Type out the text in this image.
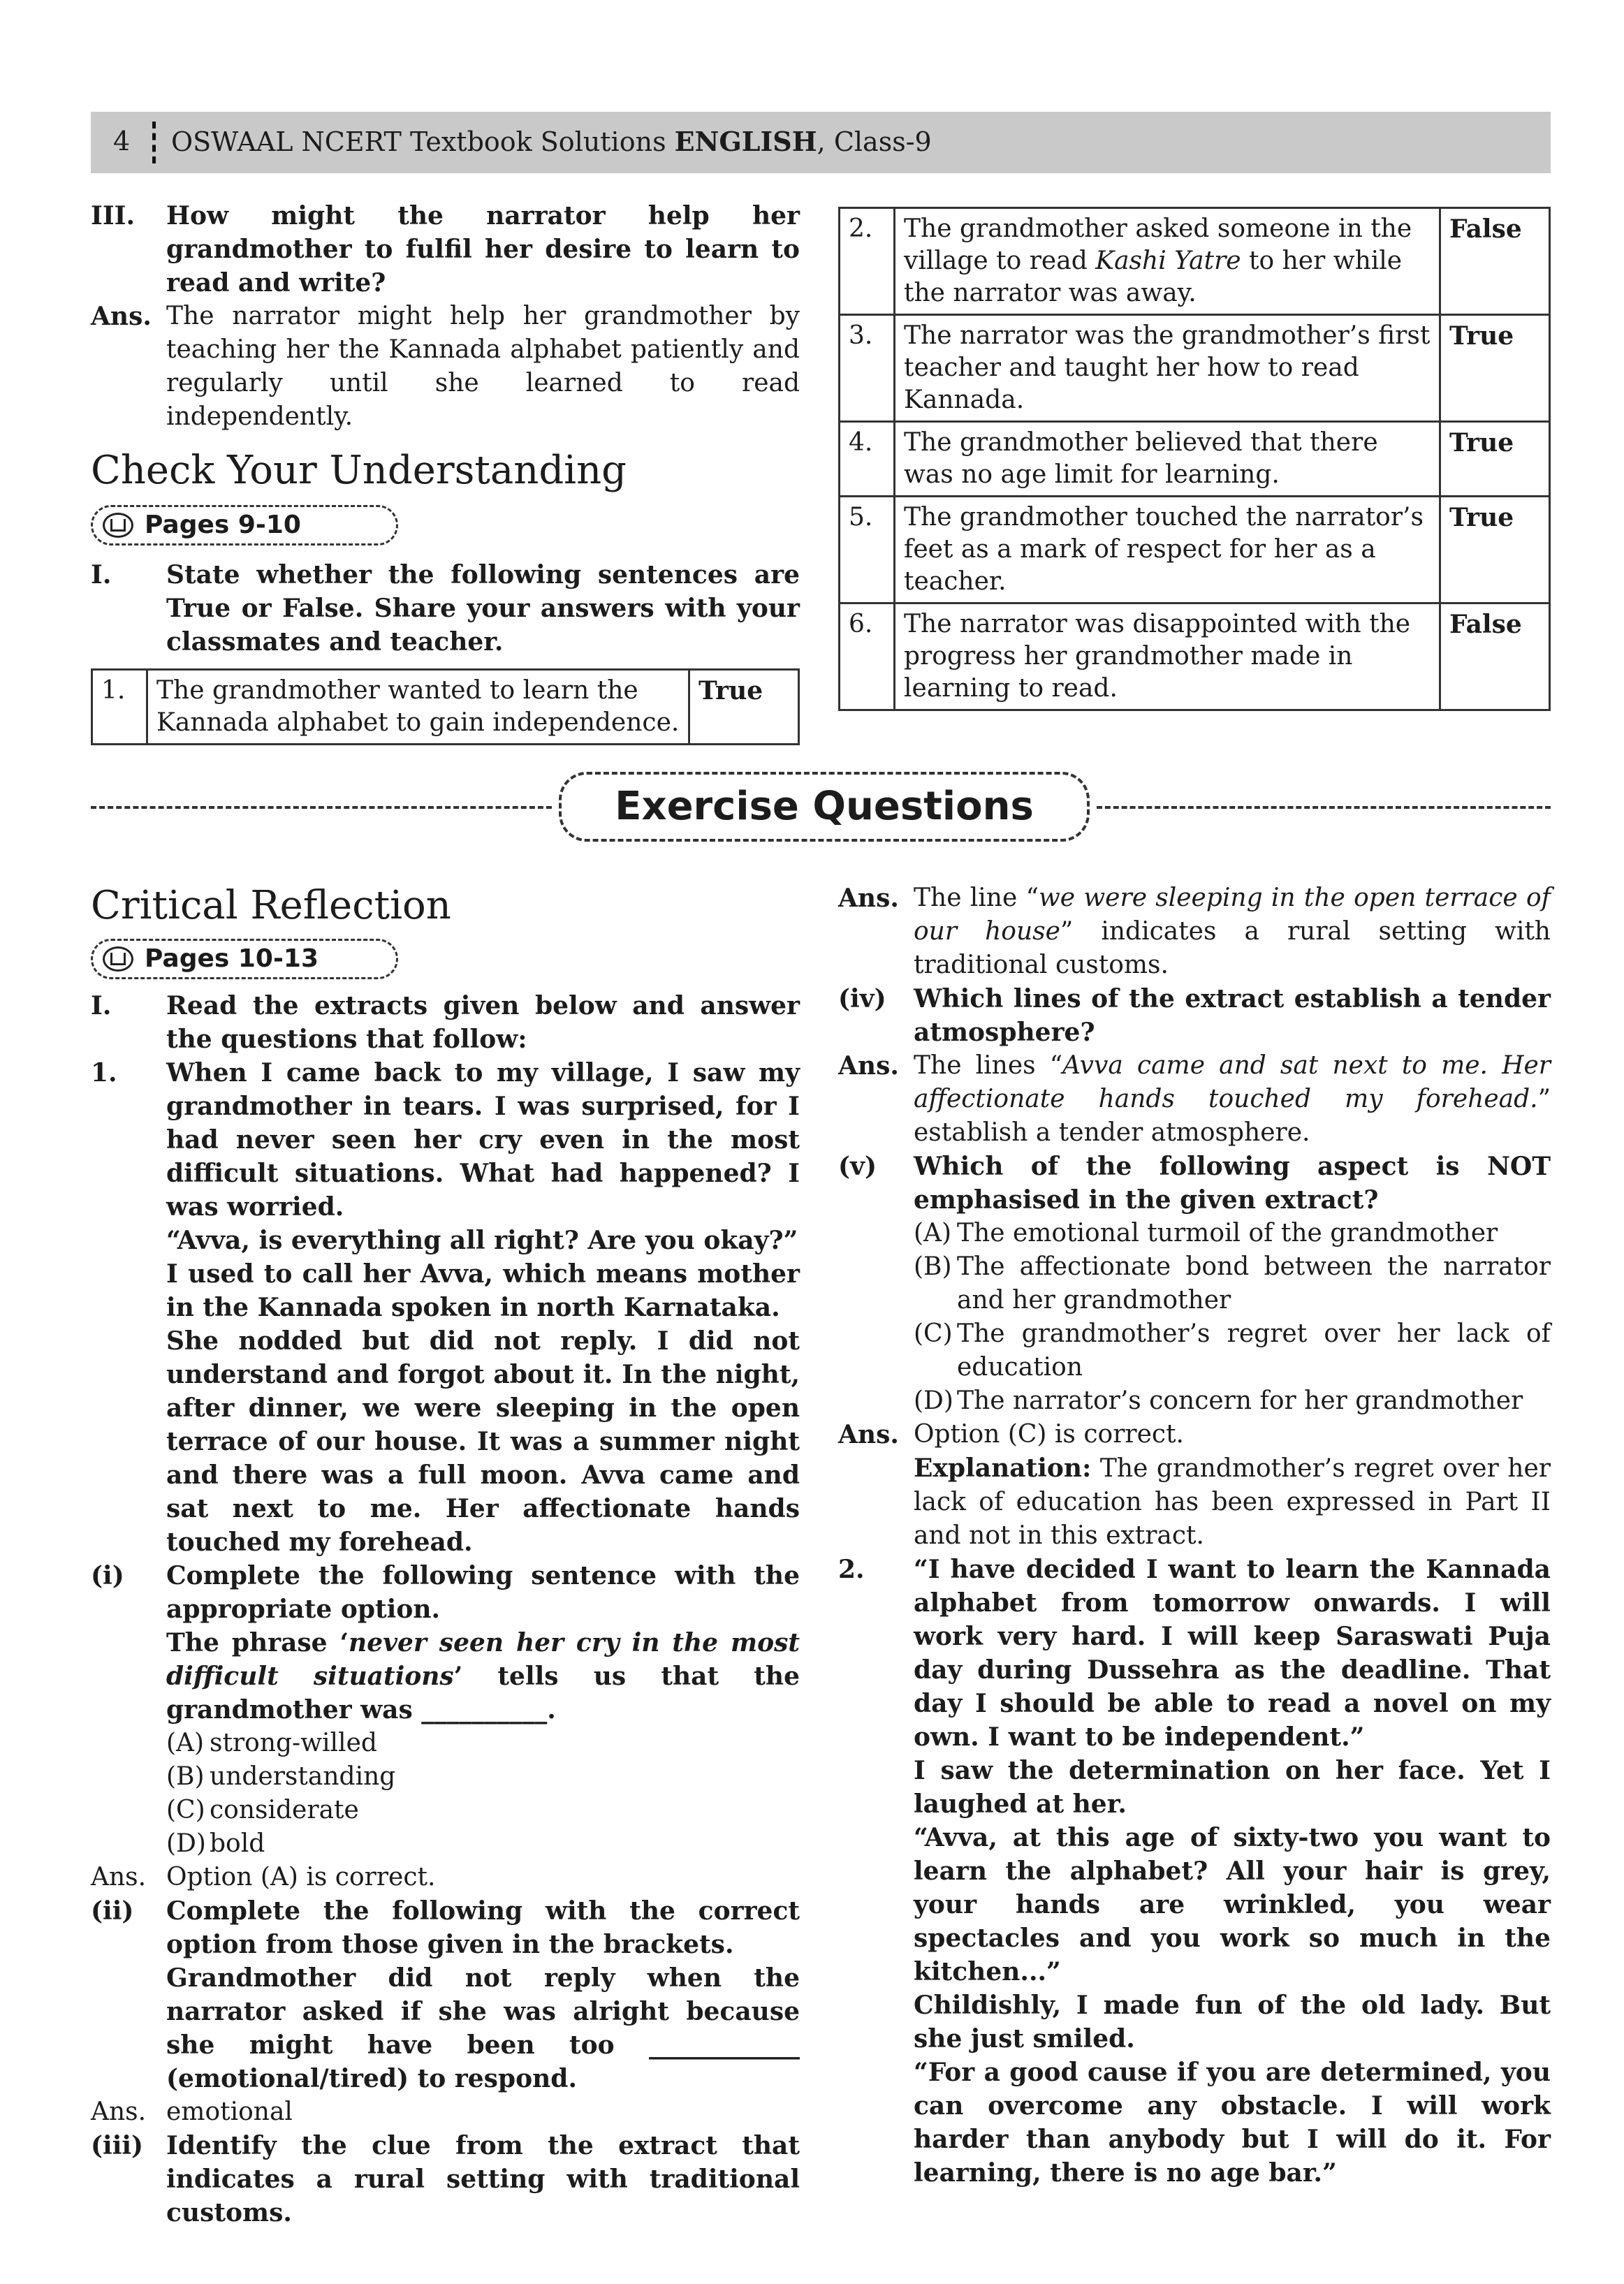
4 OSWAAL NCERT Textbook Solutions ENGLISH, Class-9
III.	How might the narrator help her grandmother to fulfil her desire to learn to read and write?
Ans. The narrator might help her grandmother by teaching her the Kannada alphabet patiently and regularly until she learned to read independently.
Check Your Understanding
Pages 9-10
I.	State whether the following sentences are True or False. Share your answers with your classmates and teacher.
1.	The grandmother wanted to learn the Kannada alphabet to gain independence.	True
2.	The grandmother asked someone in the village to read Kashi Yatre to her while the narrator was away.	False
3.	The narrator was the grandmother’s first teacher and taught her how to read Kannada.	True
4.	The grandmother believed that there was no age limit for learning.	True
5.	The grandmother touched the narrator’s feet as a mark of respect for her as a teacher.	True
6.	The narrator was disappointed with the progress her grandmother made in learning to read.	False
Exercise Questions
Critical Reflection
Pages 10-13
I.	Read the extracts given below and answer the questions that follow:
1.	When I came back to my village, I saw my grandmother in tears. I was surprised, for I had never seen her cry even in the most difficult situations. What had happened? I was worried.
“Avva, is everything all right? Are you okay?”
I used to call her Avva, which means mother in the Kannada spoken in north Karnataka.
She nodded but did not reply. I did not understand and forgot about it. In the night, after dinner, we were sleeping in the open terrace of our house. It was a summer night and there was a full moon. Avva came and sat next to me. Her affectionate hands touched my forehead.
(i)	Complete the following sentence with the appropriate option.
The phrase ‘never seen her cry in the most difficult situations’ tells us that the grandmother was __________.
(A) strong-willed
(B) understanding
(C) considerate
(D) bold
Ans. Option (A) is correct.
(ii)	Complete the following with the correct option from those given in the brackets.
Grandmother did not reply when the narrator asked if she was alright because she might have been too ____________ (emotional/tired) to respond.
Ans. emotional
(iii) Identify the clue from the extract that indicates a rural setting with traditional customs.
Ans. The line “we were sleeping in the open terrace of our house” indicates a rural setting with traditional customs.
(iv)	Which lines of the extract establish a tender atmosphere?
Ans. The lines “Avva came and sat next to me. Her affectionate hands touched my forehead.” establish a tender atmosphere.
(v)	Which of the following aspect is NOT emphasised in the given extract?
(A) The emotional turmoil of the grandmother
(B) The affectionate bond between the narrator and her grandmother
(C) The grandmother’s regret over her lack of education
(D) The narrator’s concern for her grandmother
Ans. Option (C) is correct.
Explanation: The grandmother’s regret over her lack of education has been expressed in Part II and not in this extract.
2.	“I have decided I want to learn the Kannada alphabet from tomorrow onwards. I will work very hard. I will keep Saraswati Puja day during Dussehra as the deadline. That day I should be able to read a novel on my own. I want to be independent.”
I saw the determination on her face. Yet I laughed at her.
“Avva, at this age of sixty-two you want to learn the alphabet? All your hair is grey, your hands are wrinkled, you wear spectacles and you work so much in the kitchen...”
Childishly, I made fun of the old lady. But she just smiled.
“For a good cause if you are determined, you can overcome any obstacle. I will work harder than anybody but I will do it. For learning, there is no age bar.”
